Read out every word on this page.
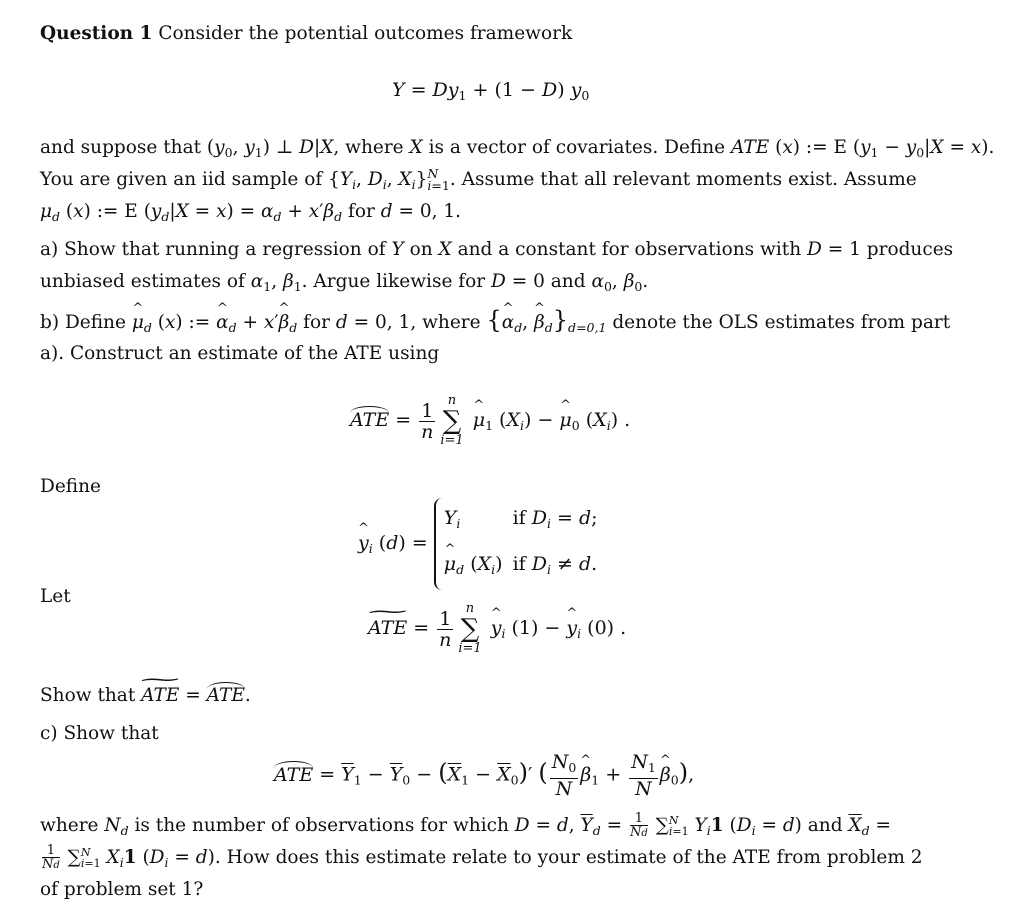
Question 1 Consider the potential outcomes framework
$Y = Dy_1 + (1 - D)$ $y_0$
and suppose that ($y_0$, $y_1$) ⊥ D|X, where X is a vector of covariates. Define ATE (x) := E $(y_1 - y_0|X = x)$.
You are given an iid sample of {$Y_i$, $D_i$, $X_i$} N
i=1 . Assume that all relevant moments exist. Assume
$\mu_d$ (x) := E $(y_d|X = x) = \alpha_d + x'\beta_d$ for d = 0, 1.
a) Show that running a regression of Y on X and a constant for observations with D = 1 produces
unbiased estimates of $\alpha_1$, $\beta_1$. Argue likewise for D = 0 and $\alpha_0$, $\beta_0$.
b) Define ^ $\mu_d$ (x) := ^ $\alpha_d$ + x′^ $\beta_d$ for d = 0, 1, where {^ $\alpha_d$, ^ $\beta_d\}_{d=0,1}$ denote the OLS estimates from part
a). Construct an estimate of the ATE using
ATE = $\frac{1}{n}$ n
∑
i=1
^ $\mu_1$ $(X_i)$ − ^ $\mu_0$ $(X_i)$ .
Define
^ $y_i$ (d) =
$Y_i$	if $D_i = d$;
^ $\mu_d$ $(X_i)$	if $D_i \ne d$.
Let
~ ATE = $\frac{1}{n}$ n
∑
i=1
^ $y_i$ (1) − ^ $y_i$ (0) .
Show that ~ ATE = ATE.
c) Show that
ATE = $\overline{Y}_1 - \overline{Y}_0 - (\overline{X}_1 - \overline{X}_0)'$ ( $\frac{N_0}{N}$ ^ $\beta_1 + \frac{N_1}{N}$ ^ $\beta_0$),
where $N_d$ is the number of observations for which D = d, $\overline{Y}_d = \frac{1}{Nd}$ ∑ N
i=1 $Y_i1$ $(D_i = d)$ and $\overline{X}_d$ =
$\frac{1}{Nd}$ ∑ N
i=1 $X_i1$ $(D_i = d)$. How does this estimate relate to your estimate of the ATE from problem 2
of problem set 1?
